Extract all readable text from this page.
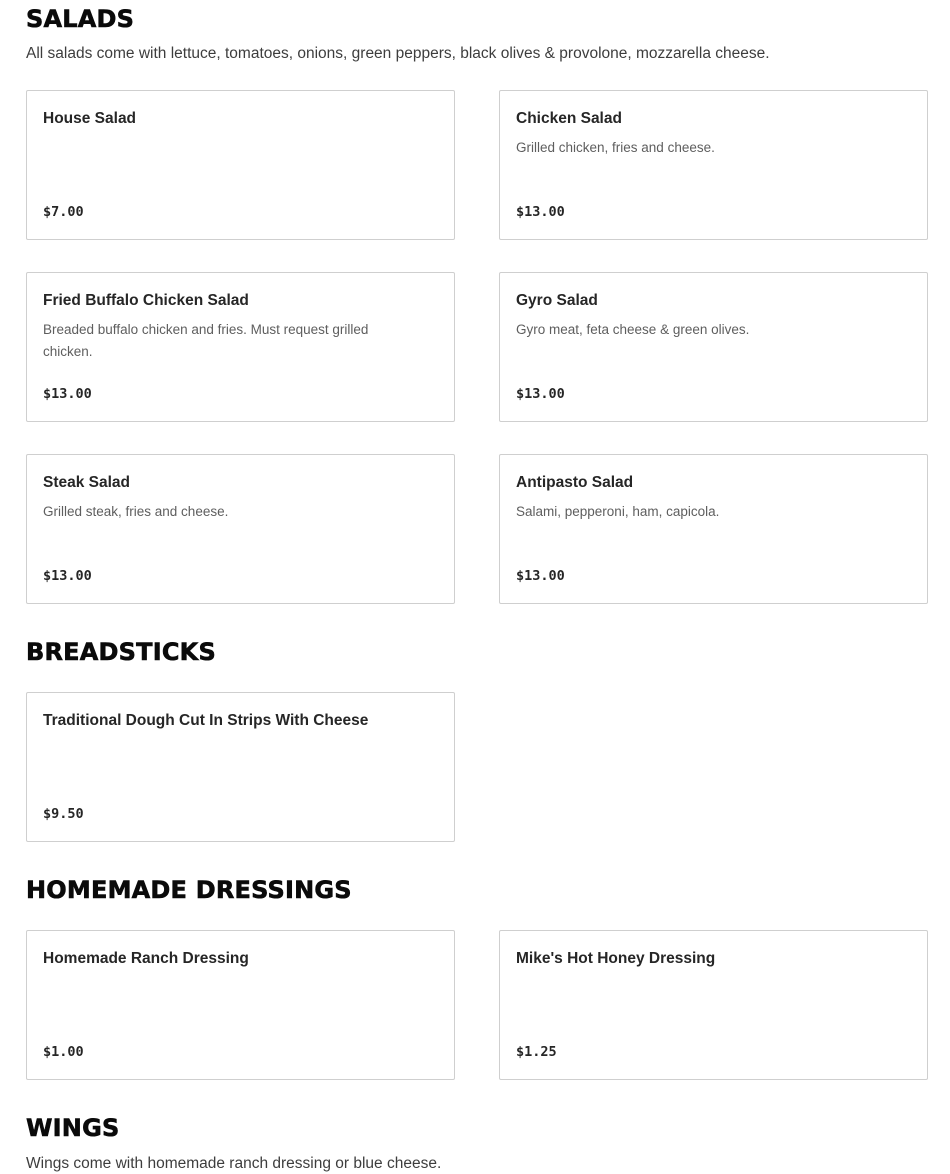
SALADS

All salads come with lettuce, tomatoes, onions, green peppers, black olives & provolone, mozzarella cheese.

House Salad

$7.00

Chicken Salad

Grilled chicken, fries and cheese.

$13.00

Fried Buffalo Chicken Salad

Breaded buffalo chicken and fries. Must request grilled chicken.

$13.00

Gyro Salad

Gyro meat, feta cheese & green olives.

$13.00

Steak Salad

Grilled steak, fries and cheese.

$13.00

Antipasto Salad

Salami, pepperoni, ham, capicola.

$13.00

BREADSTICKS
Traditional Dough Cut In Strips With Cheese

$9.50

HOMEMADE DRESSINGS
Homemade Ranch Dressing

$1.00

Mike's Hot Honey Dressing

$1.25

WINGS

Wings come with homemade ranch dressing or blue cheese.
